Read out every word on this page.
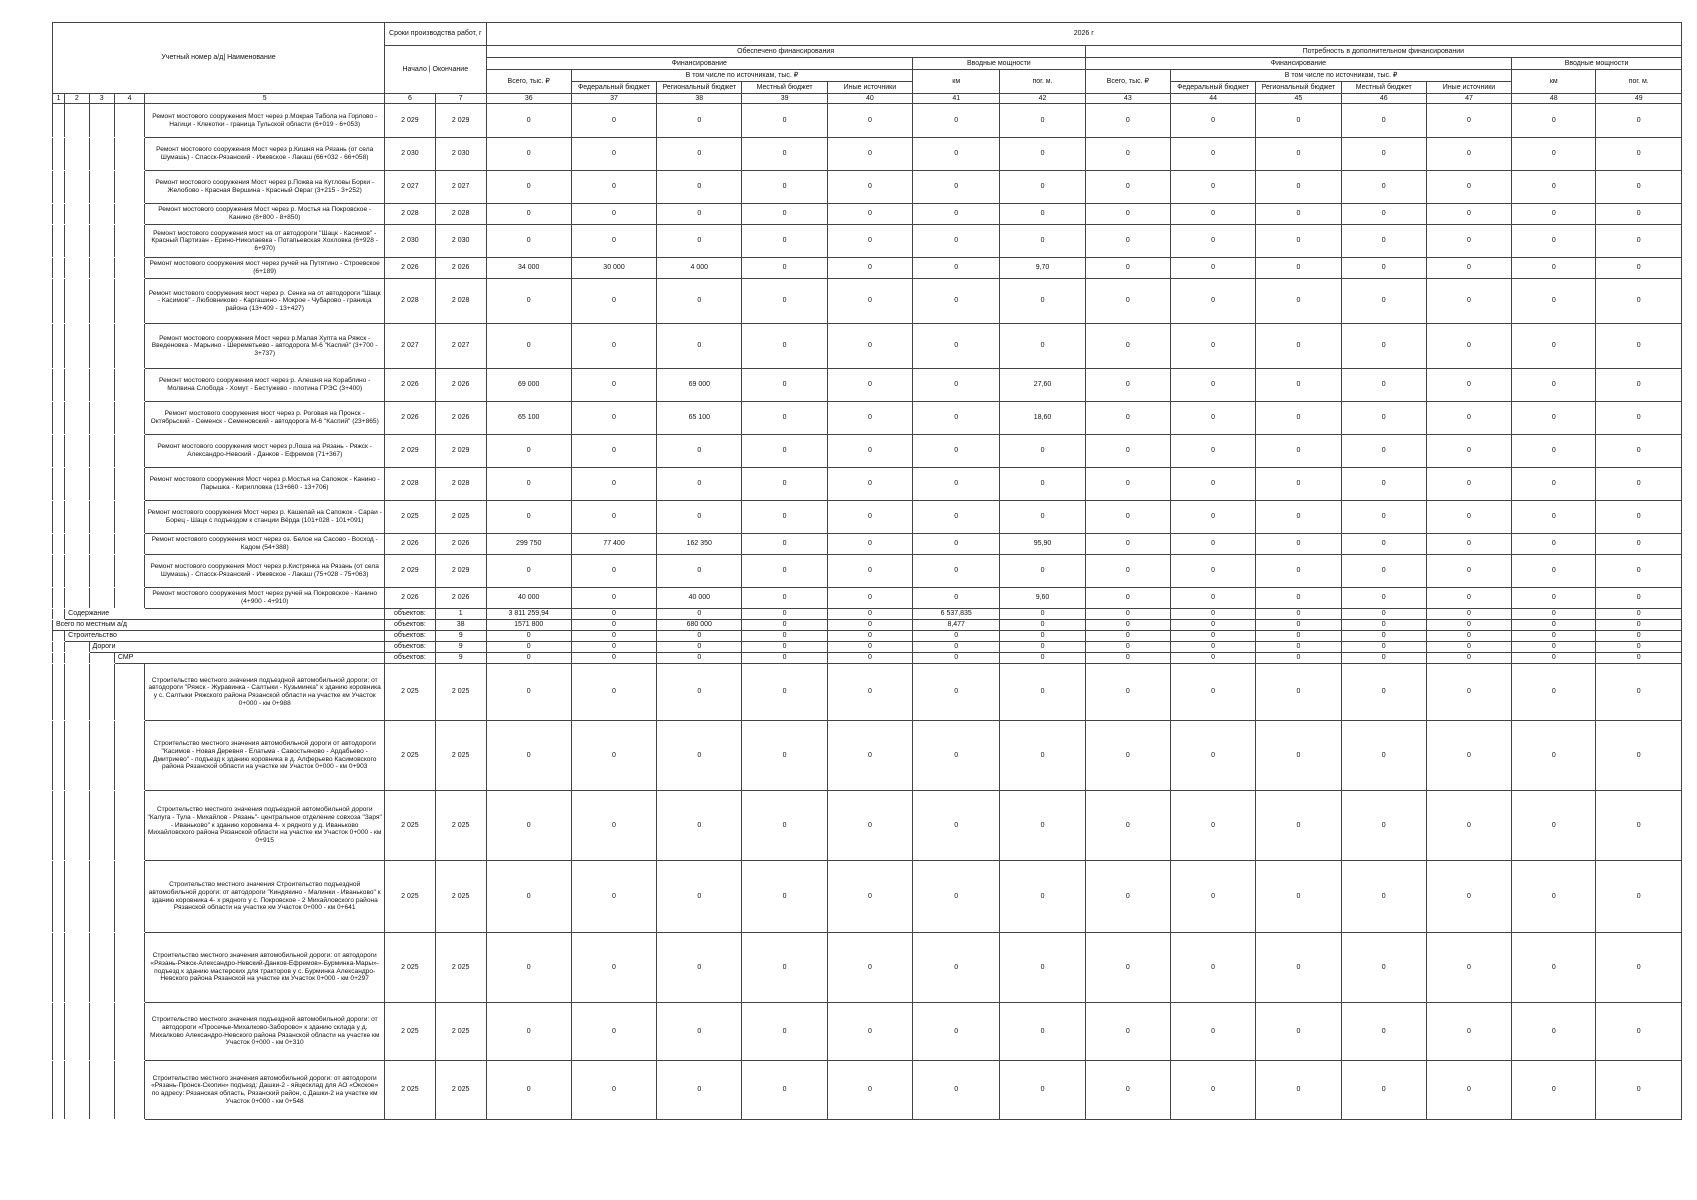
Учетный номер а/д| Наименование					Сроки производства работ, г		2026 г													
					Начало | Окончание		Обеспечено финансирования							Потребность в дополнительном финансировании						
							Финансирование					Вводные мощности		Финансирование					Вводные мощности	
							Всего, тыс. ₽	В том числе по источникам, тыс. ₽				км	пог. м.	Всего, тыс. ₽	В том числе по источникам, тыс. ₽				км	пог. м.
								Федеральный бюджет	Региональный бюджет	Местный бюджет	Иные источники				Федеральный бюджет	Региональный бюджет	Местный бюджет	Иные источники		
1	2	3	4	5	6	7	36	37	38	39	40	41	42	43	44	45	46	47	48	49
				Ремонт мостового сооружения Мост через р.Мокрая Табола на Горлово - Нагици - Клекотки - граница Тульской области (6+019 - 6+053)	2 029	2 029	0	0	0	0	0	0	0	0	0	0	0	0	0	0
				Ремонт мостового сооружения Мост через р.Кишня на Рязань (от села Шумашь) - Спасск-Рязанский - Ижевское - Лакаш (66+032 - 66+058)	2 030	2 030	0	0	0	0	0	0	0	0	0	0	0	0	0	0
				Ремонт мостового сооружения Мост через р.Пожва на Кутловы Борки - Желобово - Красная Вершина - Красный Овраг (3+215 - 3+252)	2 027	2 027	0	0	0	0	0	0	0	0	0	0	0	0	0	0
				Ремонт мостового сооружения Мост через р. Мостья на Покровское - Канино (8+800 - 8+850)	2 028	2 028	0	0	0	0	0	0	0	0	0	0	0	0	0	0
				Ремонт мостового сооружения мост на от автодороги "Шацк - Касимов" - Красный Партизан - Ерино-Николаевка - Потапьевская Хохловка (6+928 - 6+970)	2 030	2 030	0	0	0	0	0	0	0	0	0	0	0	0	0	0
				Ремонт мостового сооружения мост через ручей на Путятино - Строевское (6+189)	2 026	2 026	34 000	30 000	4 000	0	0	0	9,70	0	0	0	0	0	0	0
				Ремонт мостового сооружения мост через р. Сенка на от автодороги "Шацк - Касимов" - Любовниково - Каргашино - Мокрое - Чубарово - граница района (13+409 - 13+427)	2 028	2 028	0	0	0	0	0	0	0	0	0	0	0	0	0	0
				Ремонт мостового сооружения Мост через р.Малая Хупта на Ряжск - Введеновка - Марьино - Шереметьево - автодорога М-6 "Каспий" (3+700 - 3+737)	2 027	2 027	0	0	0	0	0	0	0	0	0	0	0	0	0	0
				Ремонт мостового сооружения мост через р. Алешня на Кораблино - Молвина Слобода - Хомут - Бестужево - плотина ГРЭС (3+400)	2 026	2 026	69 000	0	69 000	0	0	0	27,60	0	0	0	0	0	0	0
				Ремонт мостового сооружения мост через р. Роговая на Пронск - Октябрьский - Семенск - Семеновский - автодорога М-6 "Каспий" (23+865)	2 026	2 026	65 100	0	65 100	0	0	0	18,60	0	0	0	0	0	0	0
				Ремонт мостового сооружения мост через р.Лоша на Рязань - Ряжск - Александро-Невский - Данков - Ефремов (71+367)	2 029	2 029	0	0	0	0	0	0	0	0	0	0	0	0	0	0
				Ремонт мостового сооружения Мост через р.Мостья на Сапожок - Канино - Парышка - Кирилловка (13+660 - 13+706)	2 028	2 028	0	0	0	0	0	0	0	0	0	0	0	0	0	0
				Ремонт мостового сооружения Мост через р. Кашелай на Сапожок - Сараи - Борец - Шацк с подъездом к станции Вёрда (101+028 - 101+091)	2 025	2 025	0	0	0	0	0	0	0	0	0	0	0	0	0	0
				Ремонт мостового сооружения мост через оз. Белое на Сасово - Восход - Кадом (54+388)	2 026	2 026	299 750	77 400	162 350	0	0	0	95,90	0	0	0	0	0	0	0
				Ремонт мостового сооружения Мост через р.Кистрянка на Рязань (от села Шумашь) - Спасск-Рязанский - Ижевское - Лакаш (75+028 - 75+063)	2 029	2 029	0	0	0	0	0	0	0	0	0	0	0	0	0	0
				Ремонт мостового сооружения Мост через ручей на Покровское - Канино (4+900 - 4+910)	2 026	2 026	40 000	0	40 000	0	0	0	9,60	0	0	0	0	0	0	0
	Содержание				объектов:	1	3 811 259,94	0	0	0	0	6 537,835	0	0	0	0	0	0	0	0
Всего по местным а/д					объектов:	38	1571 800	0	680 000	0	0	8,477	0	0	0	0	0	0	0	0
	Строительство				объектов:	9	0	0	0	0	0	0	0	0	0	0	0	0	0	0
		Дороги			объектов:	9	0	0	0	0	0	0	0	0	0	0	0	0	0	0
			СМР		объектов:	9	0	0	0	0	0	0	0	0	0	0	0	0	0	0
				Строительство местного значения подъездной автомобильной дороги: от автодороги "Ряжск - Журавинка - Салтыки - Кузьминка" к зданию коровника у с. Салтыки Ряжского района Рязанской области на участке км Участок 0+000 - км 0+988	2 025	2 025	0	0	0	0	0	0	0	0	0	0	0	0	0	0
				Строительство местного значения автомобильной дороги от автодороги "Касимов - Новая Деревня - Елатьма - Савостьяново - Ардабьево - Дмитриево" - подъезд к зданию коровника в д. Алферьево Касимовского района Рязанской области на участке км Участок 0+000 - км 0+903	2 025	2 025	0	0	0	0	0	0	0	0	0	0	0	0	0	0
				Строительство местного значения подъездной автомобильной дороги "Калуга - Тула - Михайлов - Рязань"- центральное отделение совхоза "Заря" - Иваньково" к зданию коровника 4- х рядного у д. Иваньково Михайловского района Рязанской области на участке км Участок 0+000 - км 0+915	2 025	2 025	0	0	0	0	0	0	0	0	0	0	0	0	0	0
				Строительство местного значения Строительство подъездной автомобильной дороги: от автодороги "Киндякино - Малинки - Иваньково" к зданию коровника 4- х рядного у с. Покровское - 2 Михайловского района Рязанской области на участке км Участок 0+000 - км 0+641	2 025	2 025	0	0	0	0	0	0	0	0	0	0	0	0	0	0
				Строительство местного значения автомобильной дороги: от автодороги «Рязань-Ряжск-Александро-Невский-Данков-Ефремов»-Бурминка-Мары»-подъезд к зданию мастерских для тракторов у с. Бурминка Александро-Невского района Рязанской на участке км Участок 0+000 - км 0+297	2 025	2 025	0	0	0	0	0	0	0	0	0	0	0	0	0	0
				Строительство местного значения подъездной автомобильной дороги: от автодороги «Просечье-Михалково-Заборово» к зданию склада у д. Михалково Александро-Невского района Рязанской области на участке км Участок 0+000 - км 0+310	2 025	2 025	0	0	0	0	0	0	0	0	0	0	0	0	0	0
				Строительство местного значения автомобильной дороги: от автодороги «Рязань-Пронск-Скопин» подъезд: Дашки-2 - яйцесклад для АО «Окское» по адресу: Рязанская область, Рязанский район, с.Дашки-2 на участке км Участок 0+000 - км 0+548	2 025	2 025	0	0	0	0	0	0	0	0	0	0	0	0	0	0
